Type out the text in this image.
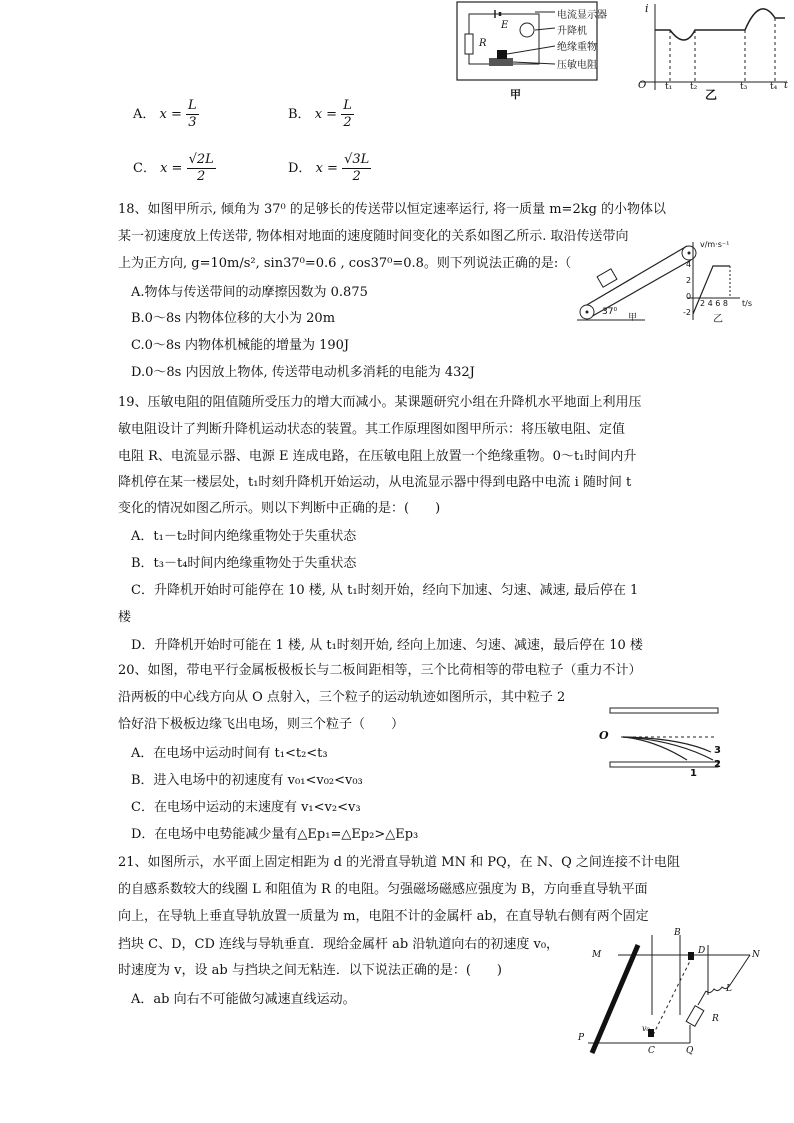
电流显示器
升降机
绝缘重物
压敏电阻
E
R
甲
i
O t₁ t₂
乙
t₃	t₄ t
A． $x = \frac{L}{3}$	B． $x = \frac{L}{2}$
C． $x = \frac{√2L}{2}$	D． $x = \frac{√3L}{2}$
18、如图甲所示, 倾角为 37⁰ 的足够长的传送带以恒定速率运行, 将一质量 m=2kg 的小物体以
某一初速度放上传送带, 物体相对地面的速度随时间变化的关系如图乙所示. 取沿传送带向
上为正方向, g=10m/s², sin37⁰=0.6 , cos37⁰=0.8。则下列说法正确的是:（
A.物体与传送带间的动摩擦因数为 0.875
B.0～8s 内物体位移的大小为 20m
C.0～8s 内物体机械能的增量为 190J
D.0～8s 内因放上物体, 传送带电动机多消耗的电能为 432J
37⁰
甲
v/m·s⁻¹
4
2
0
-2
2 4 6 8 t/s
乙
19、压敏电阻的阻值随所受压力的增大而减小。某课题研究小组在升降机水平地面上利用压
敏电阻设计了判断升降机运动状态的装置。其工作原理图如图甲所示：将压敏电阻、定值
电阻 R、电流显示器、电源 E 连成电路，在压敏电阻上放置一个绝缘重物。0～t₁时间内升
降机停在某一楼层处，t₁时刻升降机开始运动，从电流显示器中得到电路中电流 i 随时间 t
变化的情况如图乙所示。则以下判断中正确的是：(　　)
A．t₁－t₂时间内绝缘重物处于失重状态
B．t₃－t₄时间内绝缘重物处于失重状态
C．升降机开始时可能停在 10 楼, 从 t₁时刻开始，经向下加速、匀速、减速, 最后停在 1
楼
D．升降机开始时可能在 1 楼, 从 t₁时刻开始, 经向上加速、匀速、减速，最后停在 10 楼
20、如图，带电平行金属板极板长与二板间距相等，三个比荷相等的带电粒子（重力不计）
沿两板的中心线方向从 O 点射入，三个粒子的运动轨迹如图所示，其中粒子 2
恰好沿下极板边缘飞出电场，则三个粒子（　　）
A．在电场中运动时间有 t₁<t₂<t₃
B．进入电场中的初速度有 v₀₁<v₀₂<v₀₃
C．在电场中运动的末速度有 v₁<v₂<v₃
D．在电场中电势能减少量有△Ep₁=△Ep₂>△Ep₃
O
3
2
1
21、如图所示，水平面上固定相距为 d 的光滑直导轨道 MN 和 PQ，在 N、Q 之间连接不计电阻
的自感系数较大的线圈 L 和阻值为 R 的电阻。匀强磁场磁感应强度为 B，方向垂直导轨平面
向上，在导轨上垂直导轨放置一质量为 m，电阻不计的金属杆 ab，在直导轨右侧有两个固定
挡块 C、D，CD 连线与导轨垂直．现给金属杆 ab 沿轨道向右的初速度 v₀，
时速度为 v，设 ab 与挡块之间无粘连．以下说法正确的是：(　　)
A．ab 向右不可能做匀减速直线运动。
M
B
D	N
L
v₀
R
P
C	Q
